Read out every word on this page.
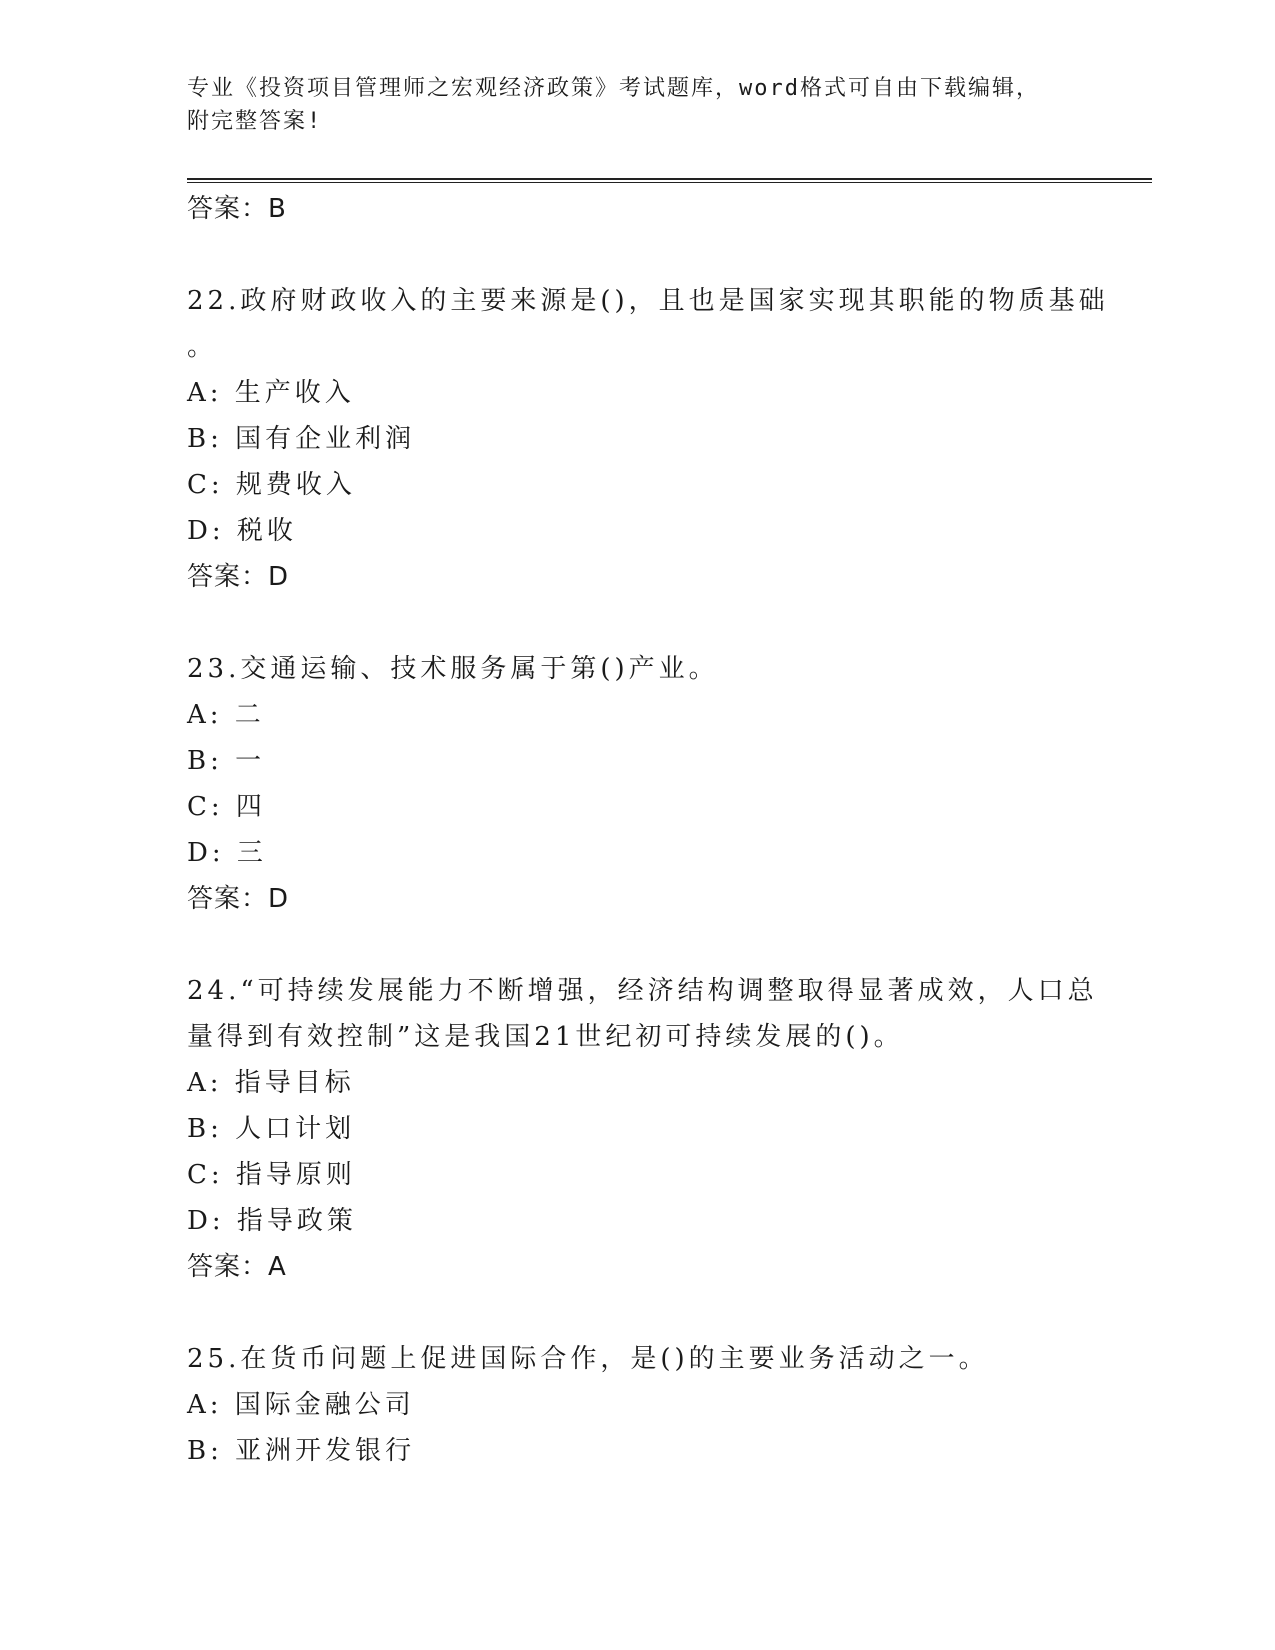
专业《投资项目管理师之宏观经济政策》考试题库，word格式可自由下载编辑，
附完整答案!
答案：B
22.政府财政收入的主要来源是()，且也是国家实现其职能的物质基础
。
A: 生产收入
B: 国有企业利润
C: 规费收入
D: 税收
答案：D
23.交通运输、技术服务属于第()产业。
A: 二
B: 一
C: 四
D: 三
答案：D
24.“可持续发展能力不断增强，经济结构调整取得显著成效，人口总
量得到有效控制”这是我国21世纪初可持续发展的()。
A: 指导目标
B: 人口计划
C: 指导原则
D: 指导政策
答案：A
25.在货币问题上促进国际合作，是()的主要业务活动之一。
A: 国际金融公司
B: 亚洲开发银行
